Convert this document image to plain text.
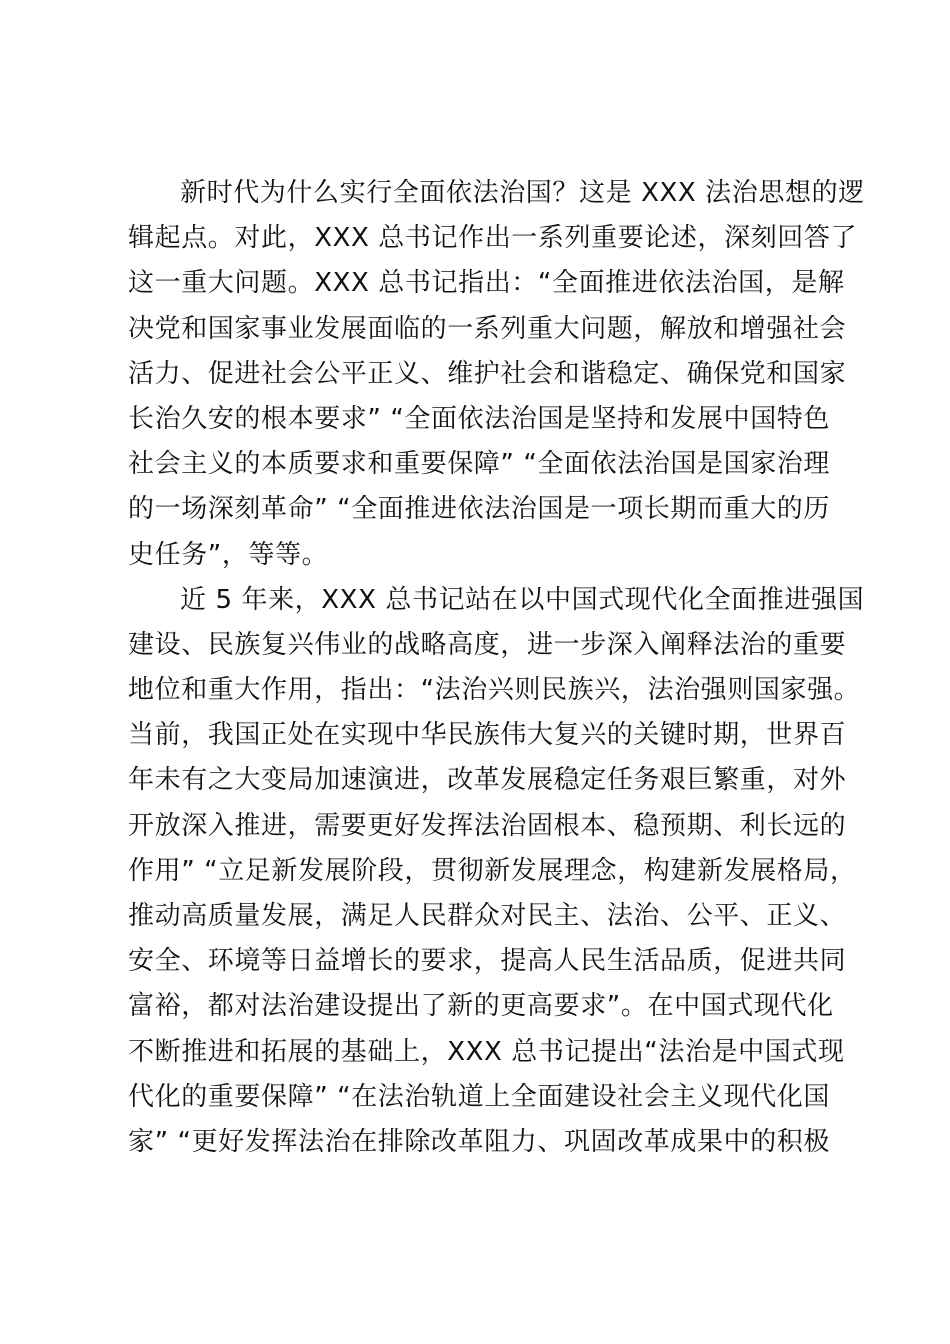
新时代为什么实行全面依法治国？这是 XXX 法治思想的逻
辑起点。对此，XXX 总书记作出一系列重要论述，深刻回答了
这一重大问题。XXX 总书记指出：“全面推进依法治国，是解
决党和国家事业发展面临的一系列重大问题，解放和增强社会
活力、促进社会公平正义、维护社会和谐稳定、确保党和国家
长治久安的根本要求” “全面依法治国是坚持和发展中国特色
社会主义的本质要求和重要保障” “全面依法治国是国家治理
的一场深刻革命” “全面推进依法治国是一项长期而重大的历
史任务”，等等。
近 5 年来，XXX 总书记站在以中国式现代化全面推进强国
建设、民族复兴伟业的战略高度，进一步深入阐释法治的重要
地位和重大作用，指出：“法治兴则民族兴，法治强则国家强。
当前，我国正处在实现中华民族伟大复兴的关键时期，世界百
年未有之大变局加速演进，改革发展稳定任务艰巨繁重，对外
开放深入推进，需要更好发挥法治固根本、稳预期、利长远的
作用” “立足新发展阶段，贯彻新发展理念，构建新发展格局，
推动高质量发展，满足人民群众对民主、法治、公平、正义、
安全、环境等日益增长的要求，提高人民生活品质，促进共同
富裕，都对法治建设提出了新的更高要求”。在中国式现代化
不断推进和拓展的基础上，XXX 总书记提出“法治是中国式现
代化的重要保障” “在法治轨道上全面建设社会主义现代化国
家” “更好发挥法治在排除改革阻力、巩固改革成果中的积极
